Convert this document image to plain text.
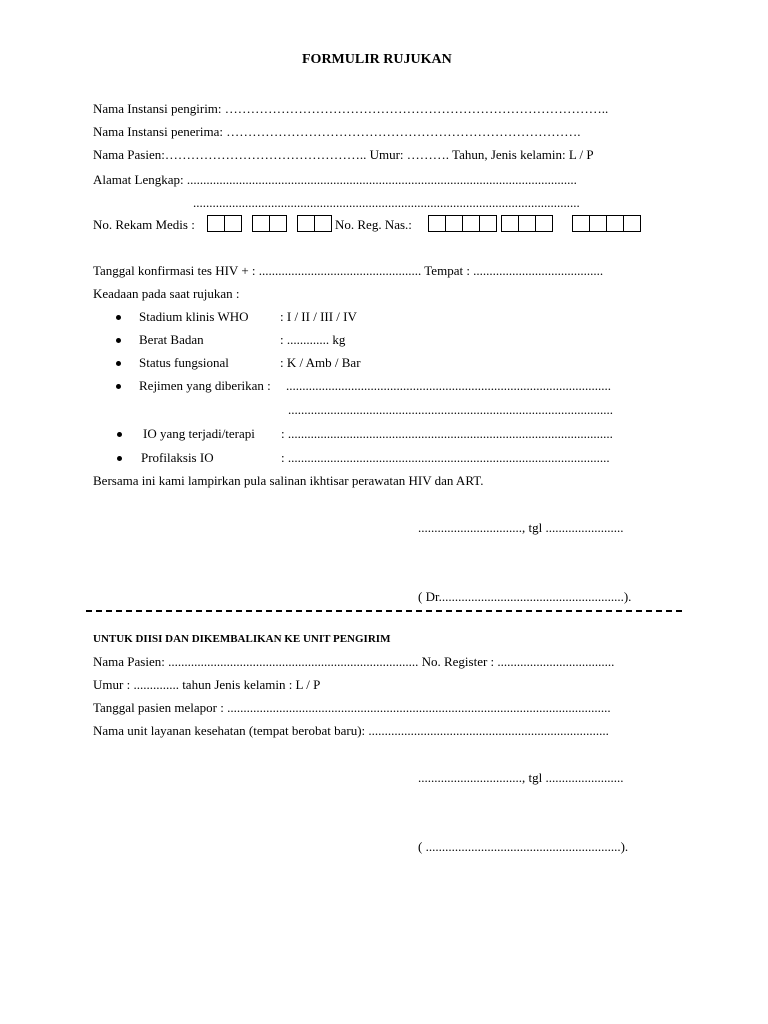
FORMULIR RUJUKAN
Nama Instansi pengirim: ……………………………………………………………………………..
Nama Instansi penerima: ……………………………………………………………………….
Nama Pasien:……………………………………….. Umur: ………. Tahun, Jenis kelamin: L / P
Alamat Lengkap: ........................................................................................................................
.......................................................................................................................
No. Rekam Medis :	No. Reg. Nas.:
Tanggal konfirmasi tes HIV + : .................................................. Tempat : ........................................
Keadaan pada saat rujukan :
Stadium klinis WHO : I / II / III / IV
Berat Badan	: ............. kg
Status fungsional	: K / Amb / Bar
Rejimen yang diberikan : ....................................................................................................
....................................................................................................
IO yang terjadi/terapi : ....................................................................................................
Profilaksis IO	: ...................................................................................................
Bersama ini kami lampirkan pula salinan ikhtisar perawatan HIV dan ART.
................................, tgl ........................
( Dr.........................................................).
UNTUK DIISI DAN DIKEMBALIKAN KE UNIT PENGIRIM
Nama Pasien: ............................................................................. No. Register : ....................................
Umur : .............. tahun Jenis kelamin : L / P
Tanggal pasien melapor : ......................................................................................................................
Nama unit layanan kesehatan (tempat berobat baru): ..........................................................................
................................, tgl ........................
( ............................................................).
